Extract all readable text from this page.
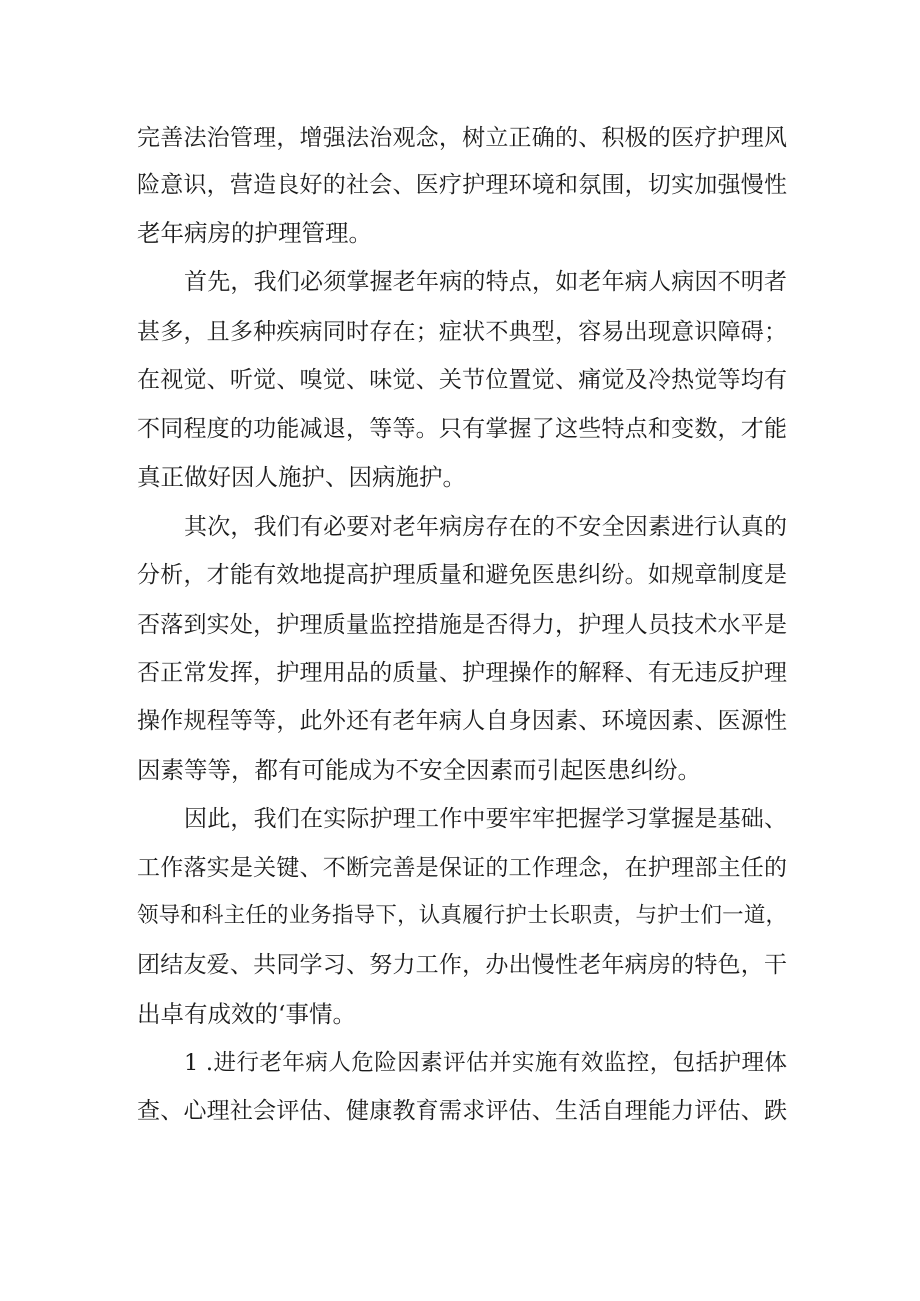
完善法治管理，增强法治观念，树立正确的、积极的医疗护理风
险意识，营造良好的社会、医疗护理环境和氛围，切实加强慢性
老年病房的护理管理。
首先，我们必须掌握老年病的特点，如老年病人病因不明者
甚多，且多种疾病同时存在；症状不典型，容易出现意识障碍；
在视觉、听觉、嗅觉、味觉、关节位置觉、痛觉及冷热觉等均有
不同程度的功能减退，等等。只有掌握了这些特点和变数，才能
真正做好因人施护、因病施护。
其次，我们有必要对老年病房存在的不安全因素进行认真的
分析，才能有效地提高护理质量和避免医患纠纷。如规章制度是
否落到实处，护理质量监控措施是否得力，护理人员技术水平是
否正常发挥，护理用品的质量、护理操作的解释、有无违反护理
操作规程等等，此外还有老年病人自身因素、环境因素、医源性
因素等等，都有可能成为不安全因素而引起医患纠纷。
因此，我们在实际护理工作中要牢牢把握学习掌握是基础、
工作落实是关键、不断完善是保证的工作理念，在护理部主任的
领导和科主任的业务指导下，认真履行护士长职责，与护士们一道，
团结友爱、共同学习、努力工作，办出慢性老年病房的特色，干
出卓有成效的‘事情。
1 .进行老年病人危险因素评估并实施有效监控，包括护理体
查、心理社会评估、健康教育需求评估、生活自理能力评估、跌
